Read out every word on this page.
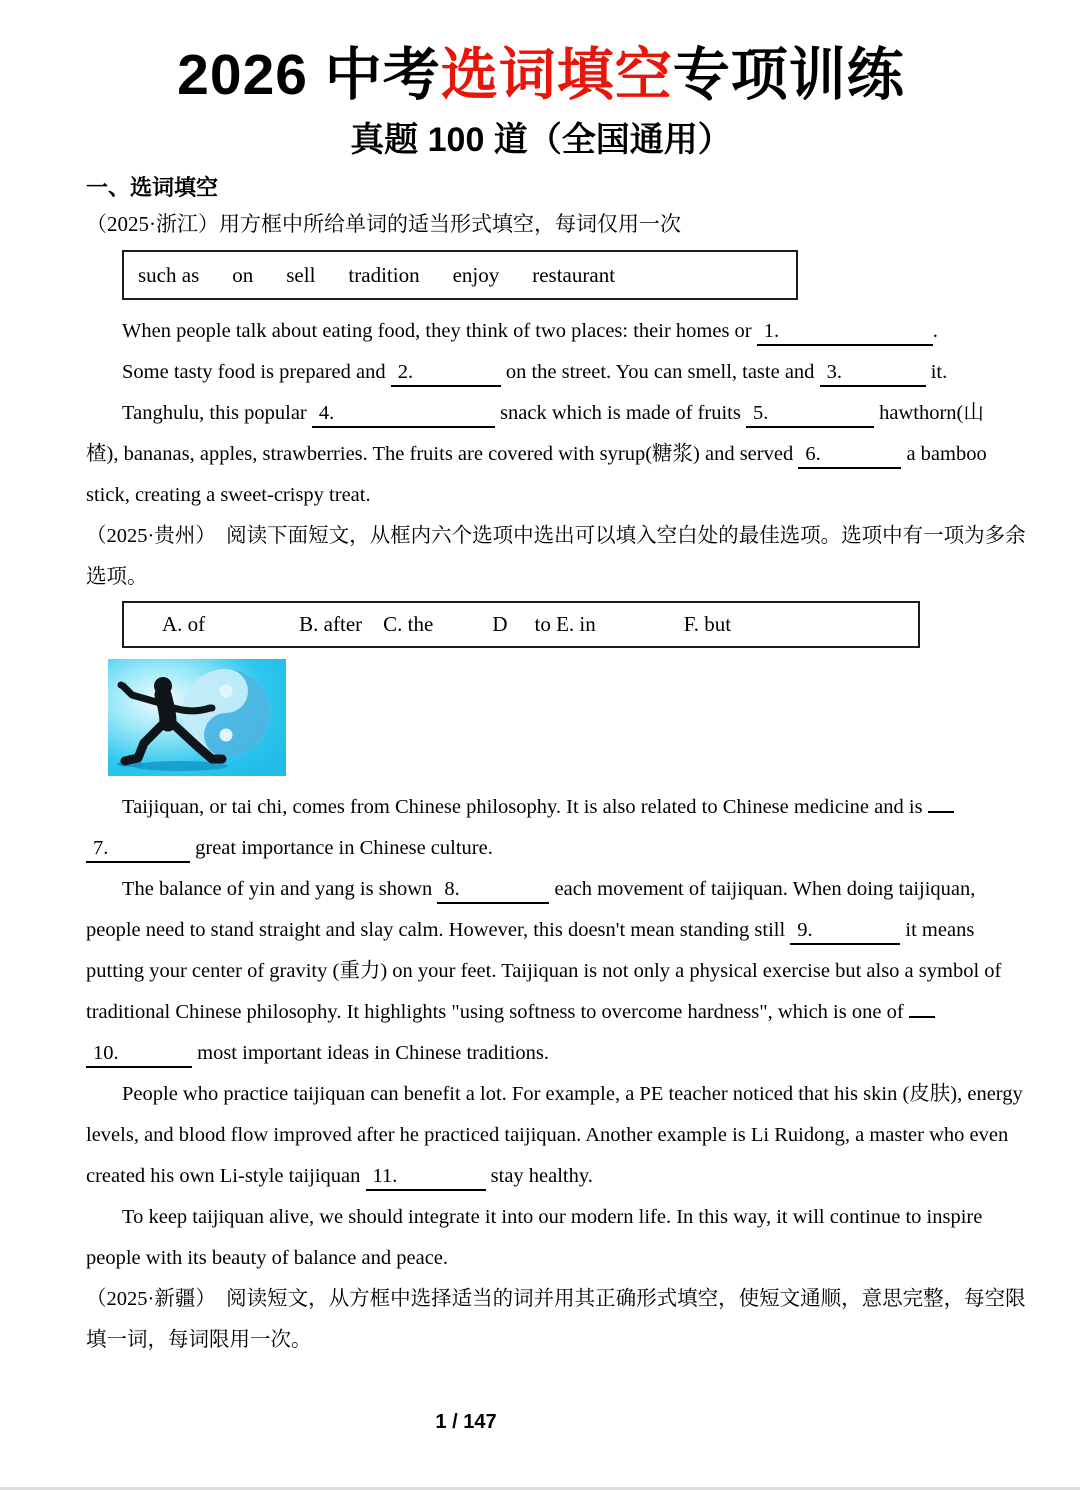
2026 中考选词填空专项训练
真题 100 道（全国通用）
一、选词填空
（2025·浙江）用方框中所给单词的适当形式填空，每词仅用一次
such as on sell tradition enjoy restaurant
When people talk about eating food, they think of two places: their homes or 1.	.
Some tasty food is prepared and 2.	on the street. You can smell, taste and 3.	it.
Tanghulu, this popular 4.	snack which is made of fruits 5.	hawthorn(山
楂), bananas, apples, strawberries. The fruits are covered with syrup(糖浆) and served 6.	a bamboo
stick, creating a sweet-crispy treat.
（2025·贵州）　阅读下面短文，从框内六个选项中选出可以填入空白处的最佳选项。选项中有一项为多余
选项。
A. of	B. after C. the	D to E. in	F. but
Taijiquan, or tai chi, comes from Chinese philosophy. It is also related to Chinese medicine and is
7.	great importance in Chinese culture.
The balance of yin and yang is shown 8.	each movement of taijiquan. When doing taijiquan,
people need to stand straight and slay calm. However, this doesn't mean standing still 9.	it means
putting your center of gravity (重力) on your feet. Taijiquan is not only a physical exercise but also a symbol of
traditional Chinese philosophy. It highlights "using softness to overcome hardness", which is one of
10.	most important ideas in Chinese traditions.
People who practice taijiquan can benefit a lot. For example, a PE teacher noticed that his skin (皮肤), energy
levels, and blood flow improved after he practiced taijiquan. Another example is Li Ruidong, a master who even
created his own Li-style taijiquan 11.	stay healthy.
To keep taijiquan alive, we should integrate it into our modern life. In this way, it will continue to inspire
people with its beauty of balance and peace.
（2025·新疆）　阅读短文，从方框中选择适当的词并用其正确形式填空，使短文通顺，意思完整，每空限
填一词，每词限用一次。
1 / 147
